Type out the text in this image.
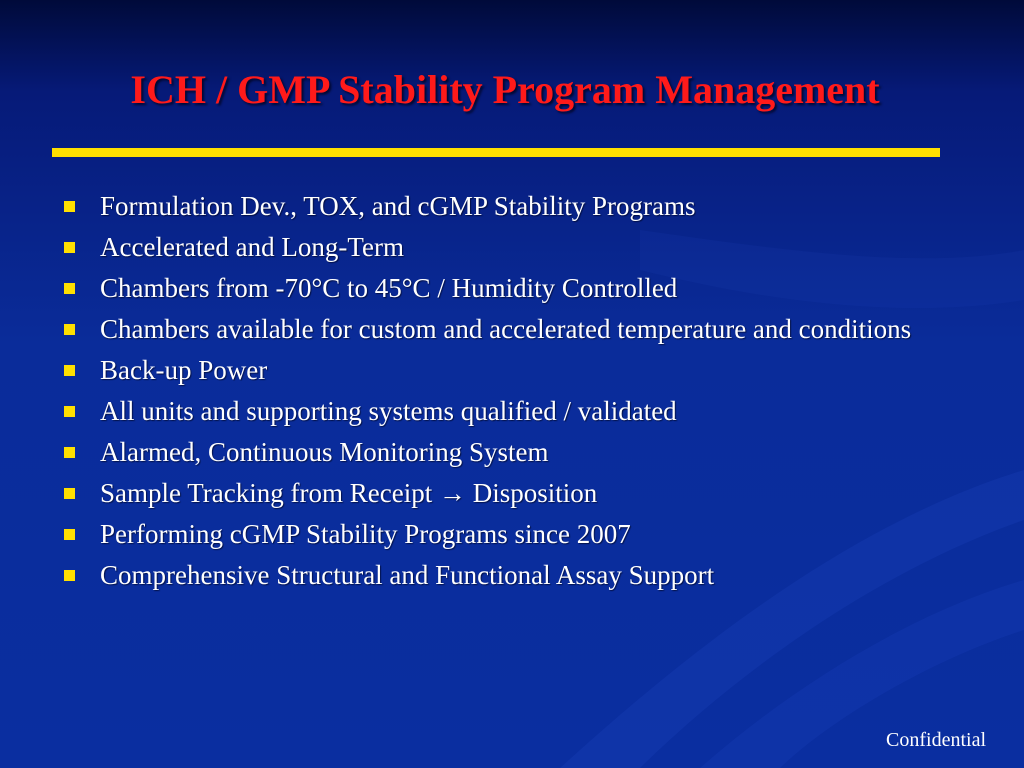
ICH / GMP Stability Program Management
Formulation Dev., TOX, and cGMP Stability Programs
Accelerated and Long-Term
Chambers from -70°C to 45°C / Humidity Controlled
Chambers available for custom and accelerated temperature and conditions
Back-up Power
All units and supporting systems qualified / validated
Alarmed, Continuous Monitoring System
Sample Tracking from Receipt → Disposition
Performing cGMP Stability Programs since 2007
Comprehensive Structural and Functional Assay Support
Confidential
